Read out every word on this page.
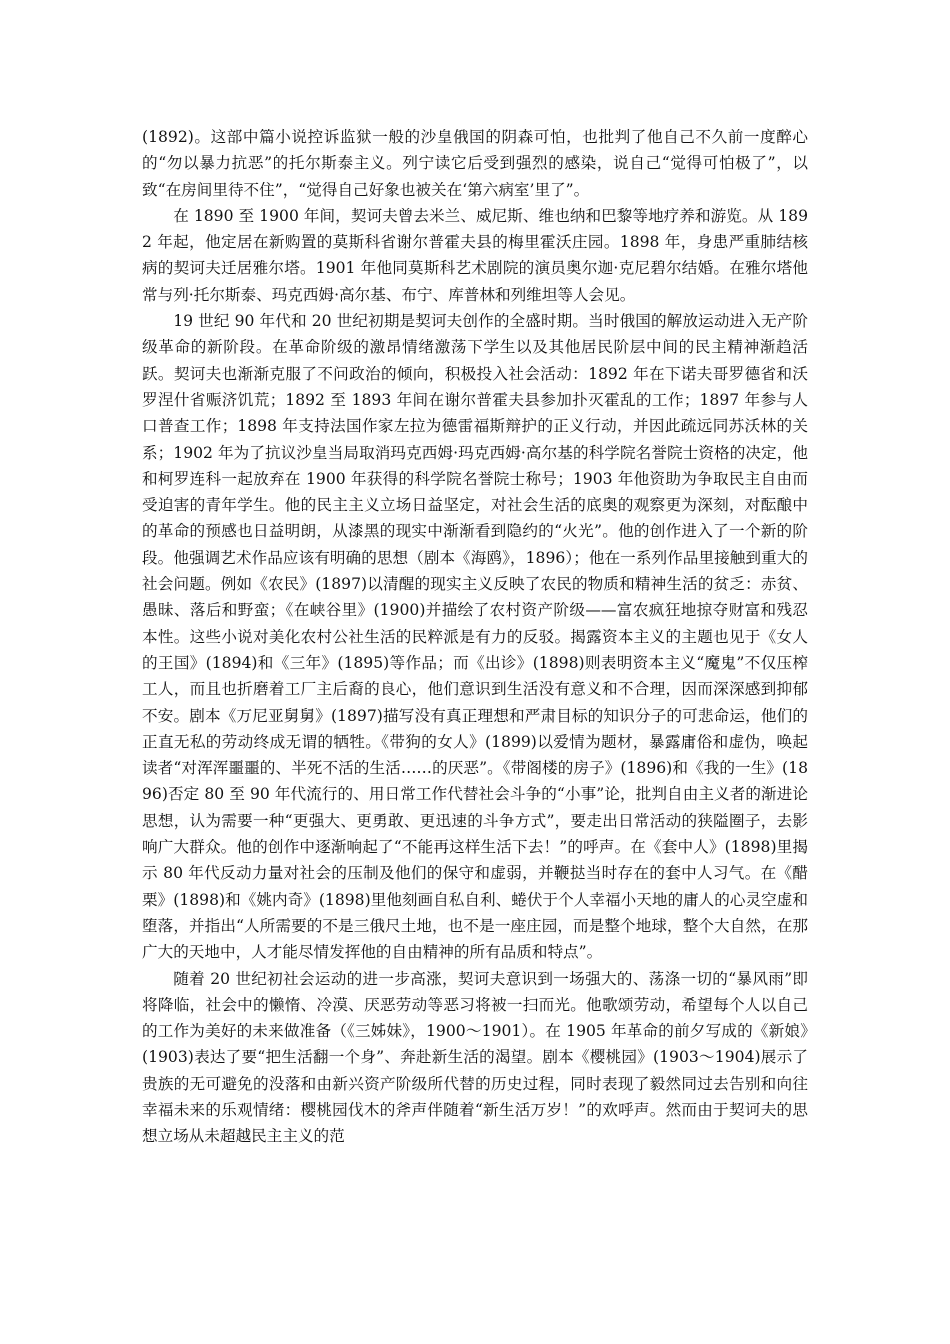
(1892)。这部中篇小说控诉监狱一般的沙皇俄国的阴森可怕，也批判了他自己不久前一度醉心的“勿以暴力抗恶”的托尔斯泰主义。列宁读它后受到强烈的感染，说自己“觉得可怕极了”，以致“在房间里待不住”，“觉得自己好象也被关在‘第六病室’里了”。

在 1890 至 1900 年间，契诃夫曾去米兰、威尼斯、维也纳和巴黎等地疗养和游览。从 1892 年起，他定居在新购置的莫斯科省谢尔普霍夫县的梅里霍沃庄园。1898 年，身患严重肺结核病的契诃夫迁居雅尔塔。1901 年他同莫斯科艺术剧院的演员奥尔迦·克尼碧尔结婚。在雅尔塔他常与列·托尔斯泰、玛克西姆·高尔基、布宁、库普林和列维坦等人会见。

19 世纪 90 年代和 20 世纪初期是契诃夫创作的全盛时期。当时俄国的解放运动进入无产阶级革命的新阶段。在革命阶级的激昂情绪激荡下学生以及其他居民阶层中间的民主精神渐趋活跃。契诃夫也渐渐克服了不问政治的倾向，积极投入社会活动：1892 年在下诺夫哥罗德省和沃罗涅什省赈济饥荒；1892 至 1893 年间在谢尔普霍夫县参加扑灭霍乱的工作；1897 年参与人口普查工作；1898 年支持法国作家左拉为德雷福斯辩护的正义行动，并因此疏远同苏沃林的关系；1902 年为了抗议沙皇当局取消玛克西姆·玛克西姆·高尔基的科学院名誉院士资格的决定，他和柯罗连科一起放弃在 1900 年获得的科学院名誉院士称号；1903 年他资助为争取民主自由而受迫害的青年学生。他的民主主义立场日益坚定，对社会生活的底奥的观察更为深刻，对酝酿中的革命的预感也日益明朗，从漆黑的现实中渐渐看到隐约的“火光”。他的创作进入了一个新的阶段。他强调艺术作品应该有明确的思想（剧本《海鸥》，1896）；他在一系列作品里接触到重大的社会问题。例如《农民》(1897)以清醒的现实主义反映了农民的物质和精神生活的贫乏：赤贫、愚昧、落后和野蛮；《在峡谷里》(1900)并描绘了农村资产阶级——富农疯狂地掠夺财富和残忍本性。这些小说对美化农村公社生活的民粹派是有力的反驳。揭露资本主义的主题也见于《女人的王国》(1894)和《三年》(1895)等作品；而《出诊》(1898)则表明资本主义“魔鬼”不仅压榨工人，而且也折磨着工厂主后裔的良心，他们意识到生活没有意义和不合理，因而深深感到抑郁不安。剧本《万尼亚舅舅》(1897)描写没有真正理想和严肃目标的知识分子的可悲命运，他们的正直无私的劳动终成无谓的牺牲。《带狗的女人》(1899)以爱情为题材，暴露庸俗和虚伪，唤起读者“对浑浑噩噩的、半死不活的生活……的厌恶”。《带阁楼的房子》(1896)和《我的一生》(1896)否定 80 至 90 年代流行的、用日常工作代替社会斗争的“小事”论，批判自由主义者的渐进论思想，认为需要一种“更强大、更勇敢、更迅速的斗争方式”，要走出日常活动的狭隘圈子，去影响广大群众。他的创作中逐渐响起了“不能再这样生活下去！”的呼声。在《套中人》(1898)里揭示 80 年代反动力量对社会的压制及他们的保守和虚弱，并鞭挞当时存在的套中人习气。在《醋栗》(1898)和《姚内奇》(1898)里他刻画自私自利、蜷伏于个人幸福小天地的庸人的心灵空虚和堕落，并指出“人所需要的不是三俄尺土地，也不是一座庄园，而是整个地球，整个大自然，在那广大的天地中，人才能尽情发挥他的自由精神的所有品质和特点”。

随着 20 世纪初社会运动的进一步高涨，契诃夫意识到一场强大的、荡涤一切的“暴风雨”即将降临，社会中的懒惰、冷漠、厌恶劳动等恶习将被一扫而光。他歌颂劳动，希望每个人以自己的工作为美好的未来做准备（《三姊妹》，1900～1901）。在 1905 年革命的前夕写成的《新娘》(1903)表达了要“把生活翻一个身”、奔赴新生活的渴望。剧本《樱桃园》(1903～1904)展示了贵族的无可避免的没落和由新兴资产阶级所代替的历史过程，同时表现了毅然同过去告别和向往幸福未来的乐观情绪：樱桃园伐木的斧声伴随着“新生活万岁！”的欢呼声。然而由于契诃夫的思想立场从未超越民主主义的范
